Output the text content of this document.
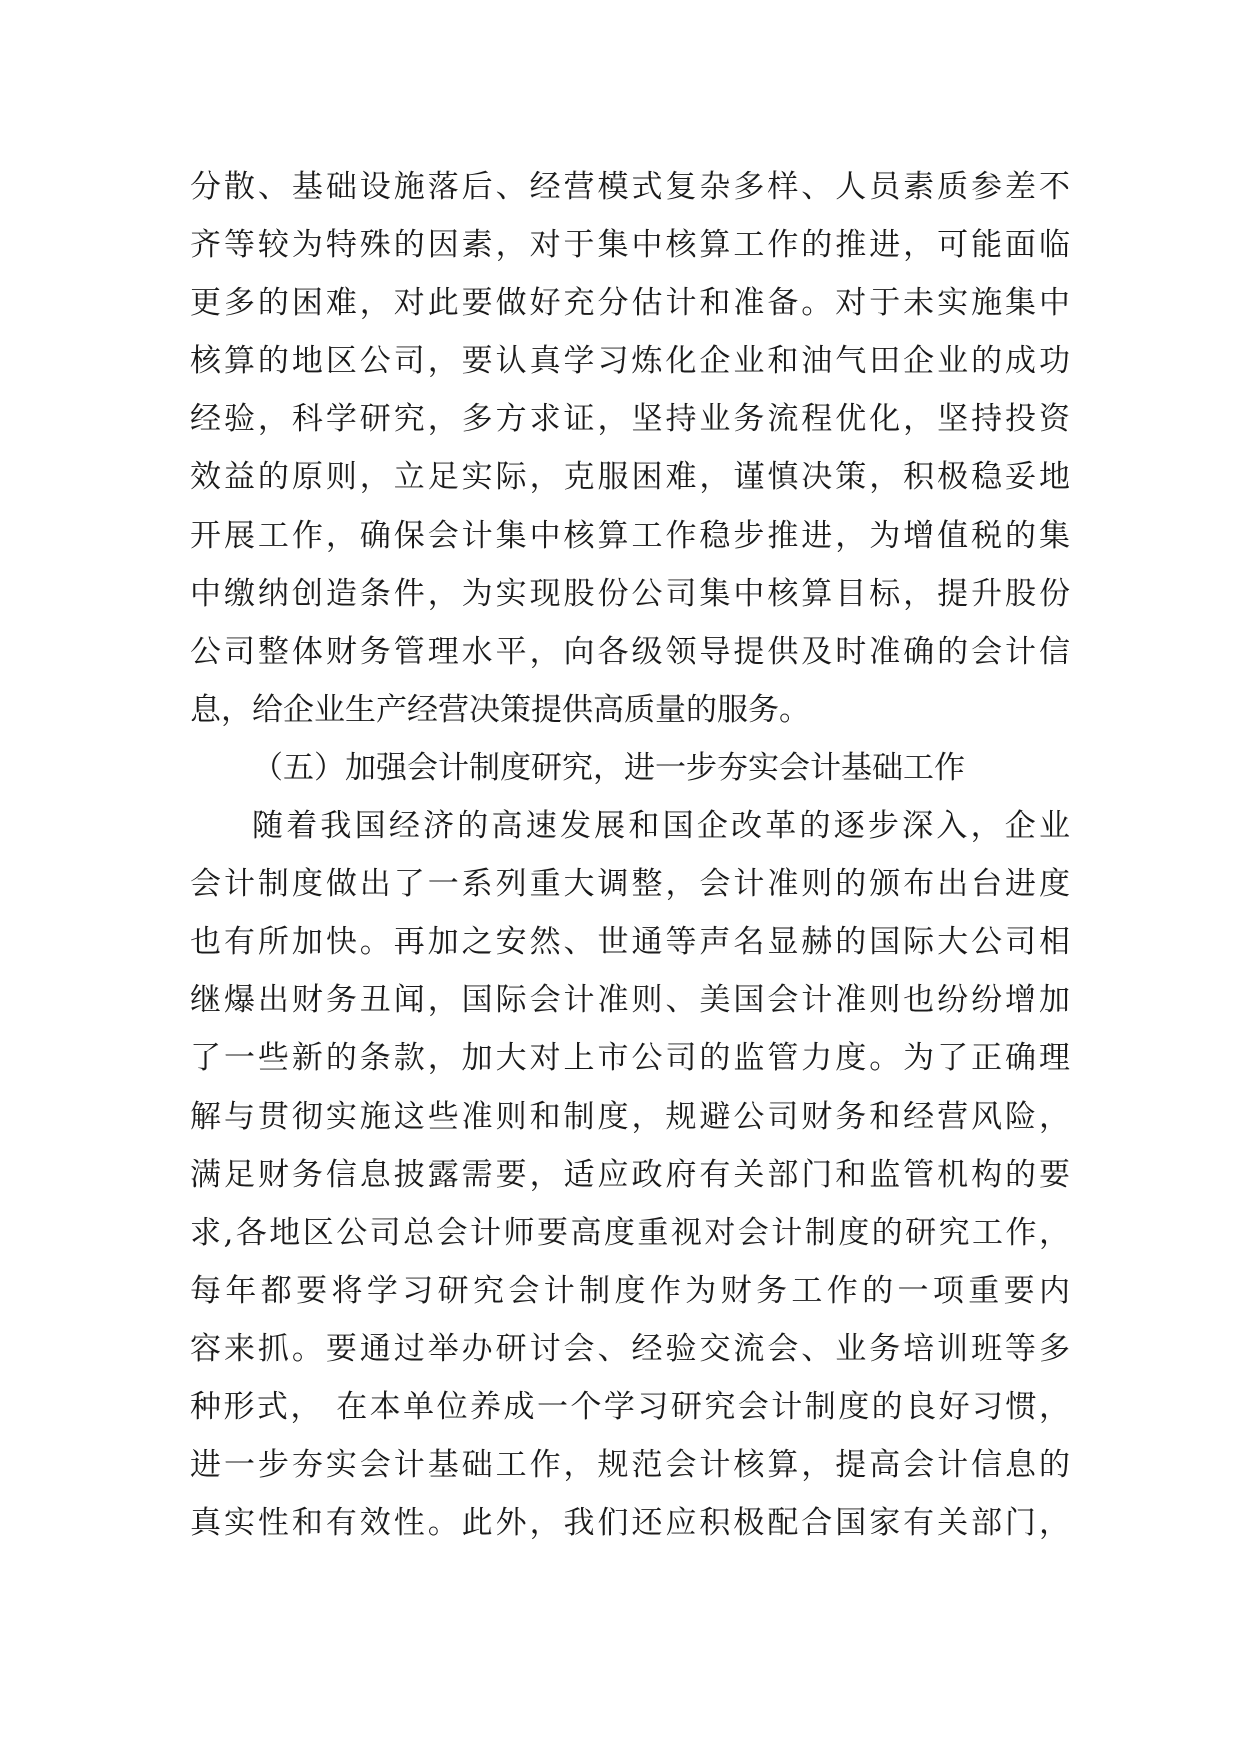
分散、基础设施落后、经营模式复杂多样、人员素质参差不
齐等较为特殊的因素，对于集中核算工作的推进，可能面临
更多的困难，对此要做好充分估计和准备。对于未实施集中
核算的地区公司，要认真学习炼化企业和油气田企业的成功
经验，科学研究，多方求证，坚持业务流程优化，坚持投资
效益的原则，立足实际，克服困难，谨慎决策，积极稳妥地
开展工作，确保会计集中核算工作稳步推进，为增值税的集
中缴纳创造条件，为实现股份公司集中核算目标，提升股份
公司整体财务管理水平，向各级领导提供及时准确的会计信
息，给企业生产经营决策提供高质量的服务。
（五）加强会计制度研究，进一步夯实会计基础工作
随着我国经济的高速发展和国企改革的逐步深入，企业
会计制度做出了一系列重大调整，会计准则的颁布出台进度
也有所加快。再加之安然、世通等声名显赫的国际大公司相
继爆出财务丑闻，国际会计准则、美国会计准则也纷纷增加
了一些新的条款，加大对上市公司的监管力度。为了正确理
解与贯彻实施这些准则和制度，规避公司财务和经营风险，
满足财务信息披露需要，适应政府有关部门和监管机构的要
求,各地区公司总会计师要高度重视对会计制度的研究工作，
每年都要将学习研究会计制度作为财务工作的一项重要内
容来抓。要通过举办研讨会、经验交流会、业务培训班等多
种形式， 在本单位养成一个学习研究会计制度的良好习惯，
进一步夯实会计基础工作，规范会计核算，提高会计信息的
真实性和有效性。此外，我们还应积极配合国家有关部门，
